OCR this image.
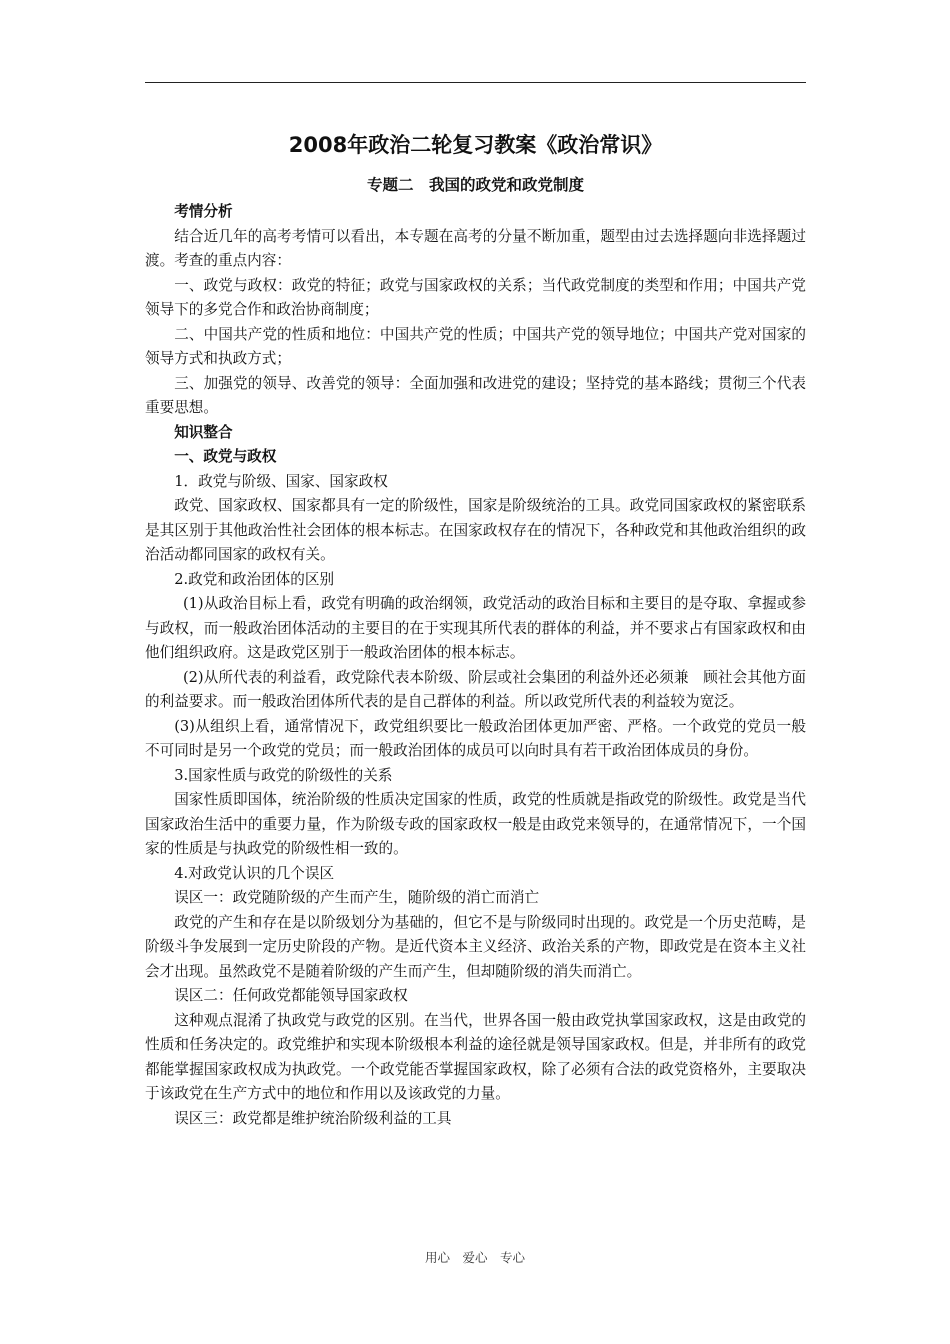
2008年政治二轮复习教案《政治常识》
专题二　我国的政党和政党制度

考情分析

结合近几年的高考考情可以看出，本专题在高考的分量不断加重，题型由过去选择题向非选择题过渡。考查的重点内容：

一、政党与政权：政党的特征；政党与国家政权的关系；当代政党制度的类型和作用；中国共产党领导下的多党合作和政治协商制度；

二、中国共产党的性质和地位：中国共产党的性质；中国共产党的领导地位；中国共产党对国家的领导方式和执政方式；

三、加强党的领导、改善党的领导：全面加强和改进党的建设；坚持党的基本路线；贯彻三个代表重要思想。

知识整合

一、政党与政权

1．政党与阶级、国家、国家政权

政党、国家政权、国家都具有一定的阶级性，国家是阶级统治的工具。政党同国家政权的紧密联系是其区别于其他政治性社会团体的根本标志。在国家政权存在的情况下，各种政党和其他政治组织的政治活动都同国家的政权有关。

2.政党和政治团体的区别

(1)从政治目标上看，政党有明确的政治纲领，政党活动的政治目标和主要目的是夺取、拿握或参与政权，而一般政治团体活动的主要目的在于实现其所代表的群体的利益，并不要求占有国家政权和由他们组织政府。这是政党区别于一般政治团体的根本标志。

(2)从所代表的利益看，政党除代表本阶级、阶层或社会集团的利益外还必须兼　顾社会其他方面的利益要求。而一般政治团体所代表的是自己群体的利益。所以政党所代表的利益较为宽泛。

(3)从组织上看，通常情况下，政党组织要比一般政治团体更加严密、严格。一个政党的党员一般不可同时是另一个政党的党员；而一般政治团体的成员可以向时具有若干政治团体成员的身份。

3.国家性质与政党的阶级性的关系

国家性质即国体，统治阶级的性质决定国家的性质，政党的性质就是指政党的阶级性。政党是当代国家政治生活中的重要力量，作为阶级专政的国家政权一般是由政党来领导的，在通常情况下，一个国家的性质是与执政党的阶级性相一致的。

4.对政党认识的几个误区

误区一：政党随阶级的产生而产生，随阶级的消亡而消亡

政党的产生和存在是以阶级划分为基础的，但它不是与阶级同时出现的。政党是一个历史范畴，是阶级斗争发展到一定历史阶段的产物。是近代资本主义经济、政治关系的产物，即政党是在资本主义社会才出现。虽然政党不是随着阶级的产生而产生，但却随阶级的消失而消亡。

误区二：任何政党都能领导国家政权

这种观点混淆了执政党与政党的区别。在当代，世界各国一般由政党执掌国家政权，这是由政党的性质和任务决定的。政党维护和实现本阶级根本利益的途径就是领导国家政权。但是，并非所有的政党都能掌握国家政权成为执政党。一个政党能否掌握国家政权，除了必须有合法的政党资格外，主要取决于该政党在生产方式中的地位和作用以及该政党的力量。

误区三：政党都是维护统治阶级利益的工具

用心　爱心　专心
